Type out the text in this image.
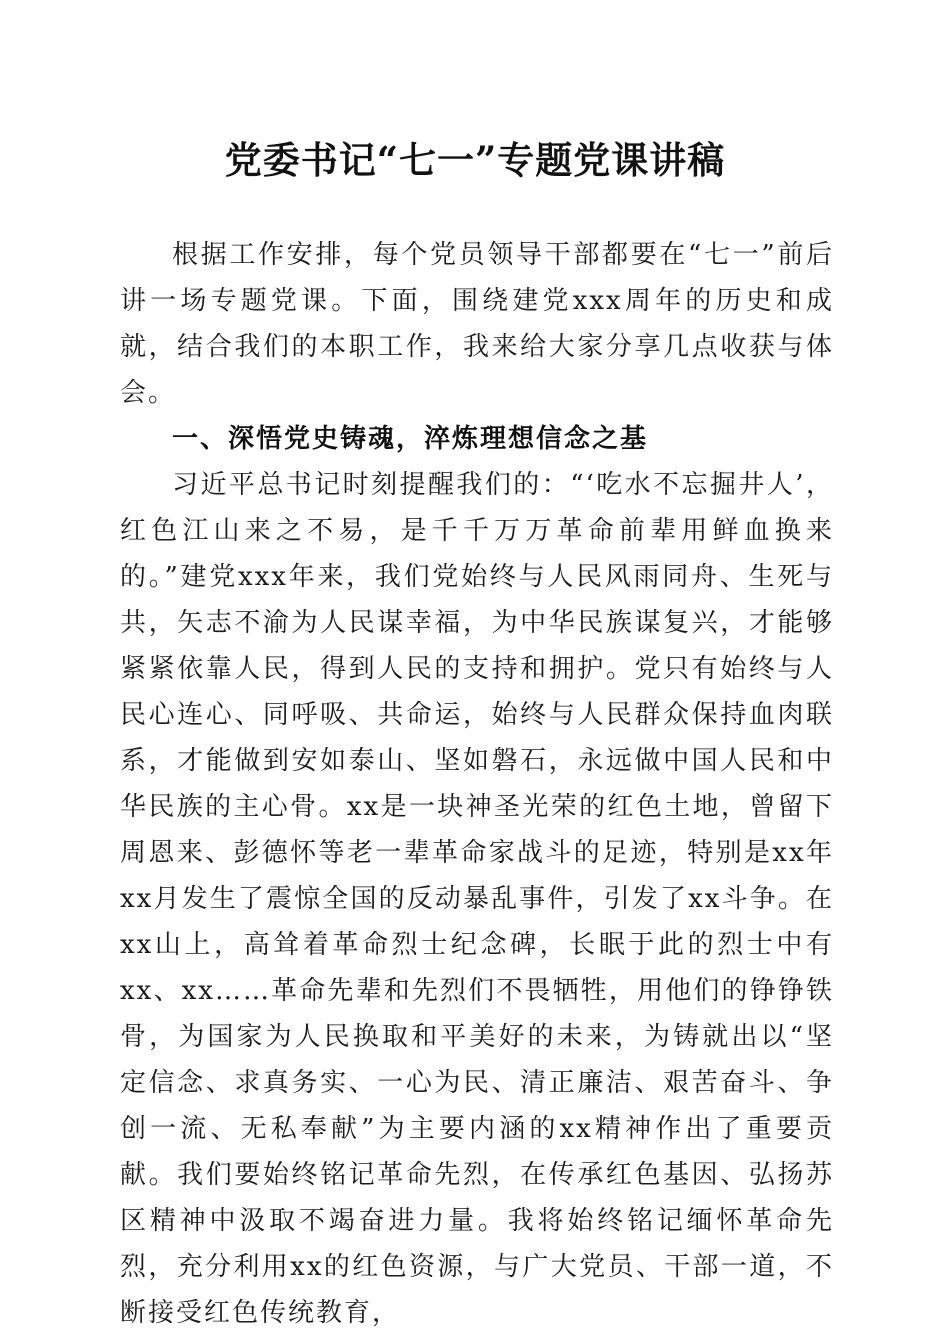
党委书记“七一”专题党课讲稿

根据工作安排，每个党员领导干部都要在“七一”前后讲一场专题党课。下面，围绕建党xxx周年的历史和成就，结合我们的本职工作，我来给大家分享几点收获与体会。

一、深悟党史铸魂，淬炼理想信念之基

习近平总书记时刻提醒我们的：“‘吃水不忘掘井人’，红色江山来之不易，是千千万万革命前辈用鲜血换来的。”建党xxx年来，我们党始终与人民风雨同舟、生死与共，矢志不渝为人民谋幸福，为中华民族谋复兴，才能够紧紧依靠人民，得到人民的支持和拥护。党只有始终与人民心连心、同呼吸、共命运，始终与人民群众保持血肉联系，才能做到安如泰山、坚如磐石，永远做中国人民和中华民族的主心骨。xx是一块神圣光荣的红色土地，曾留下周恩来、彭德怀等老一辈革命家战斗的足迹，特别是xx年xx月发生了震惊全国的反动暴乱事件，引发了xx斗争。在xx山上，高耸着革命烈士纪念碑，长眠于此的烈士中有xx、xx……革命先辈和先烈们不畏牺牲，用他们的铮铮铁骨，为国家为人民换取和平美好的未来，为铸就出以“坚定信念、求真务实、一心为民、清正廉洁、艰苦奋斗、争创一流、无私奉献”为主要内涵的xx精神作出了重要贡献。我们要始终铭记革命先烈，在传承红色基因、弘扬苏区精神中汲取不竭奋进力量。我将始终铭记缅怀革命先烈，充分利用xx的红色资源，与广大党员、干部一道，不断接受红色传统教育，
